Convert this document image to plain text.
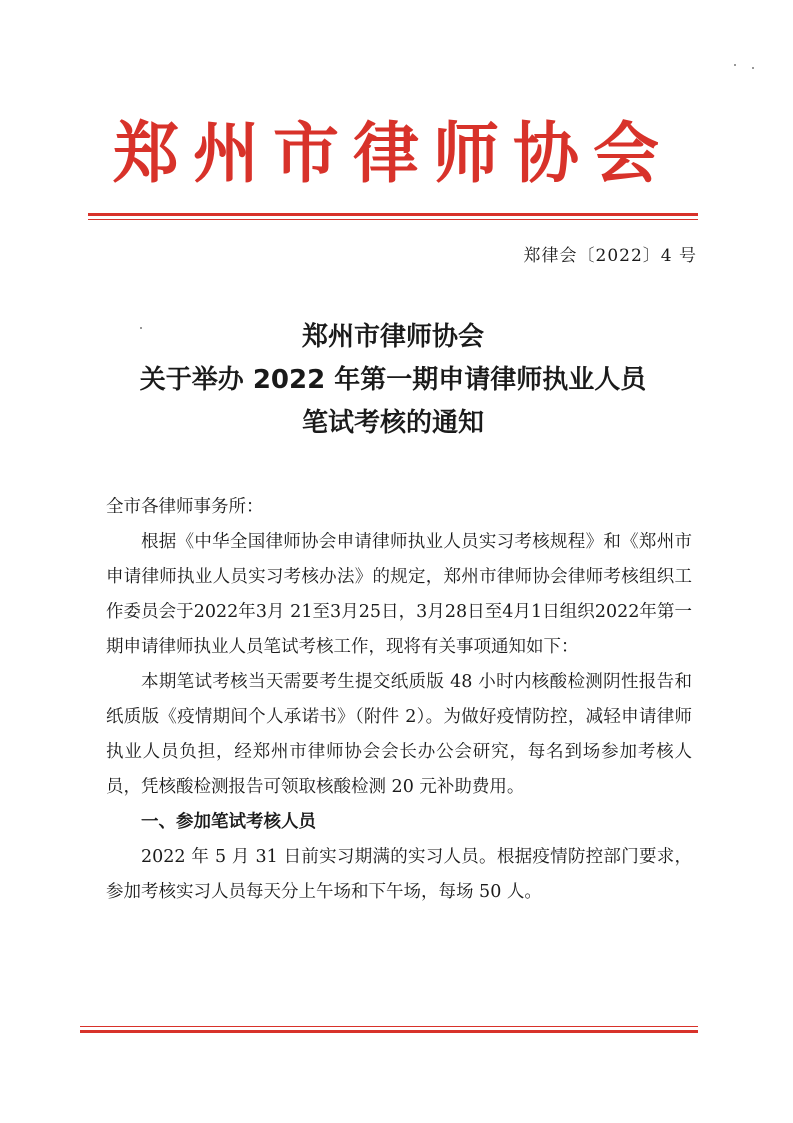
郑州市律师协会
郑律会〔2022〕4 号
郑州市律师协会
关于举办 2022 年第一期申请律师执业人员
笔试考核的通知

全市各律师事务所：

根据《中华全国律师协会申请律师执业人员实习考核规程》和《郑州市申请律师执业人员实习考核办法》的规定，郑州市律师协会律师考核组织工作委员会于2022年3月 21至3月25日，3月28日至4月1日组织2022年第一期申请律师执业人员笔试考核工作，现将有关事项通知如下：

本期笔试考核当天需要考生提交纸质版 48 小时内核酸检测阴性报告和纸质版《疫情期间个人承诺书》（附件 2）。为做好疫情防控，减轻申请律师执业人员负担，经郑州市律师协会会长办公会研究，每名到场参加考核人员，凭核酸检测报告可领取核酸检测 20 元补助费用。

一、参加笔试考核人员

2022 年 5 月 31 日前实习期满的实习人员。根据疫情防控部门要求，参加考核实习人员每天分上午场和下午场，每场 50 人。
